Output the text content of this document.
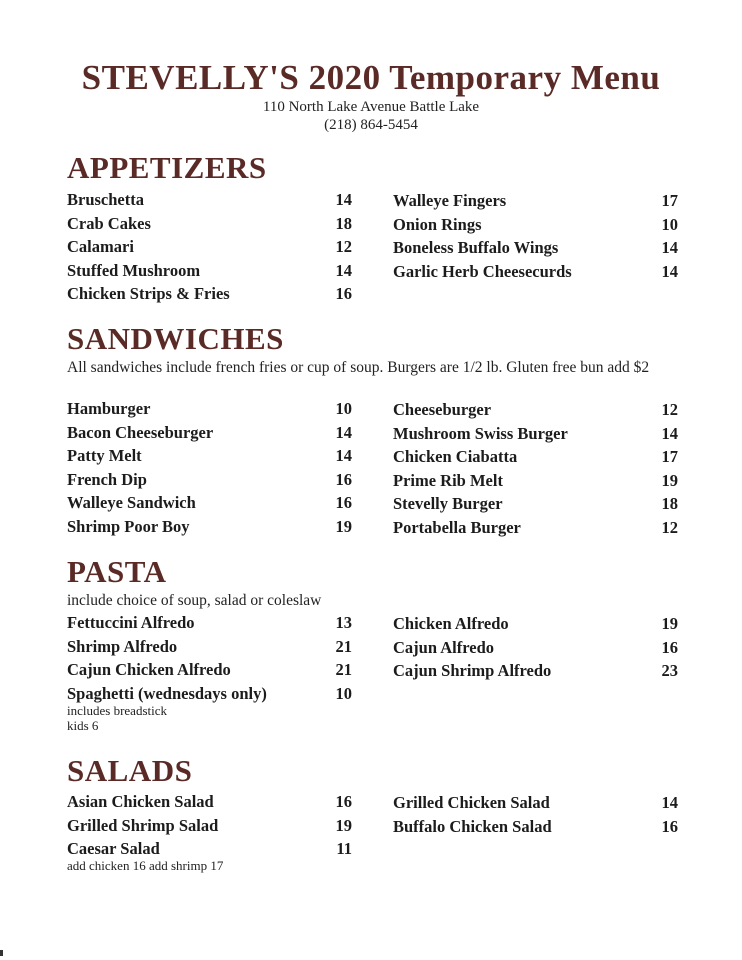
STEVELLY'S 2020 Temporary Menu
110 North Lake Avenue Battle Lake
(218) 864-5454
APPETIZERS
Bruschetta	14
Crab Cakes	18
Calamari	12
Stuffed Mushroom	14
Chicken Strips & Fries	16
Walleye Fingers	17
Onion Rings	10
Boneless Buffalo Wings	14
Garlic Herb Cheesecurds	14
SANDWICHES
All sandwiches include french fries or cup of soup. Burgers are 1/2 lb. Gluten free bun add $2
Hamburger	10
Bacon Cheeseburger	14
Patty Melt	14
French Dip	16
Walleye Sandwich	16
Shrimp Poor Boy	19
Cheeseburger	12
Mushroom Swiss Burger	14
Chicken Ciabatta	17
Prime Rib Melt	19
Stevelly Burger	18
Portabella Burger	12
PASTA
include choice of soup, salad or coleslaw
Fettuccini Alfredo	13
Shrimp Alfredo	21
Cajun Chicken Alfredo	21
Spaghetti (wednesdays only)	10
includes breadstick
kids 6
Chicken Alfredo	19
Cajun Alfredo	16
Cajun Shrimp Alfredo	23
SALADS
Asian Chicken Salad	16
Grilled Shrimp Salad	19
Caesar Salad	11
add chicken 16 add shrimp 17
Grilled Chicken Salad	14
Buffalo Chicken Salad	16
